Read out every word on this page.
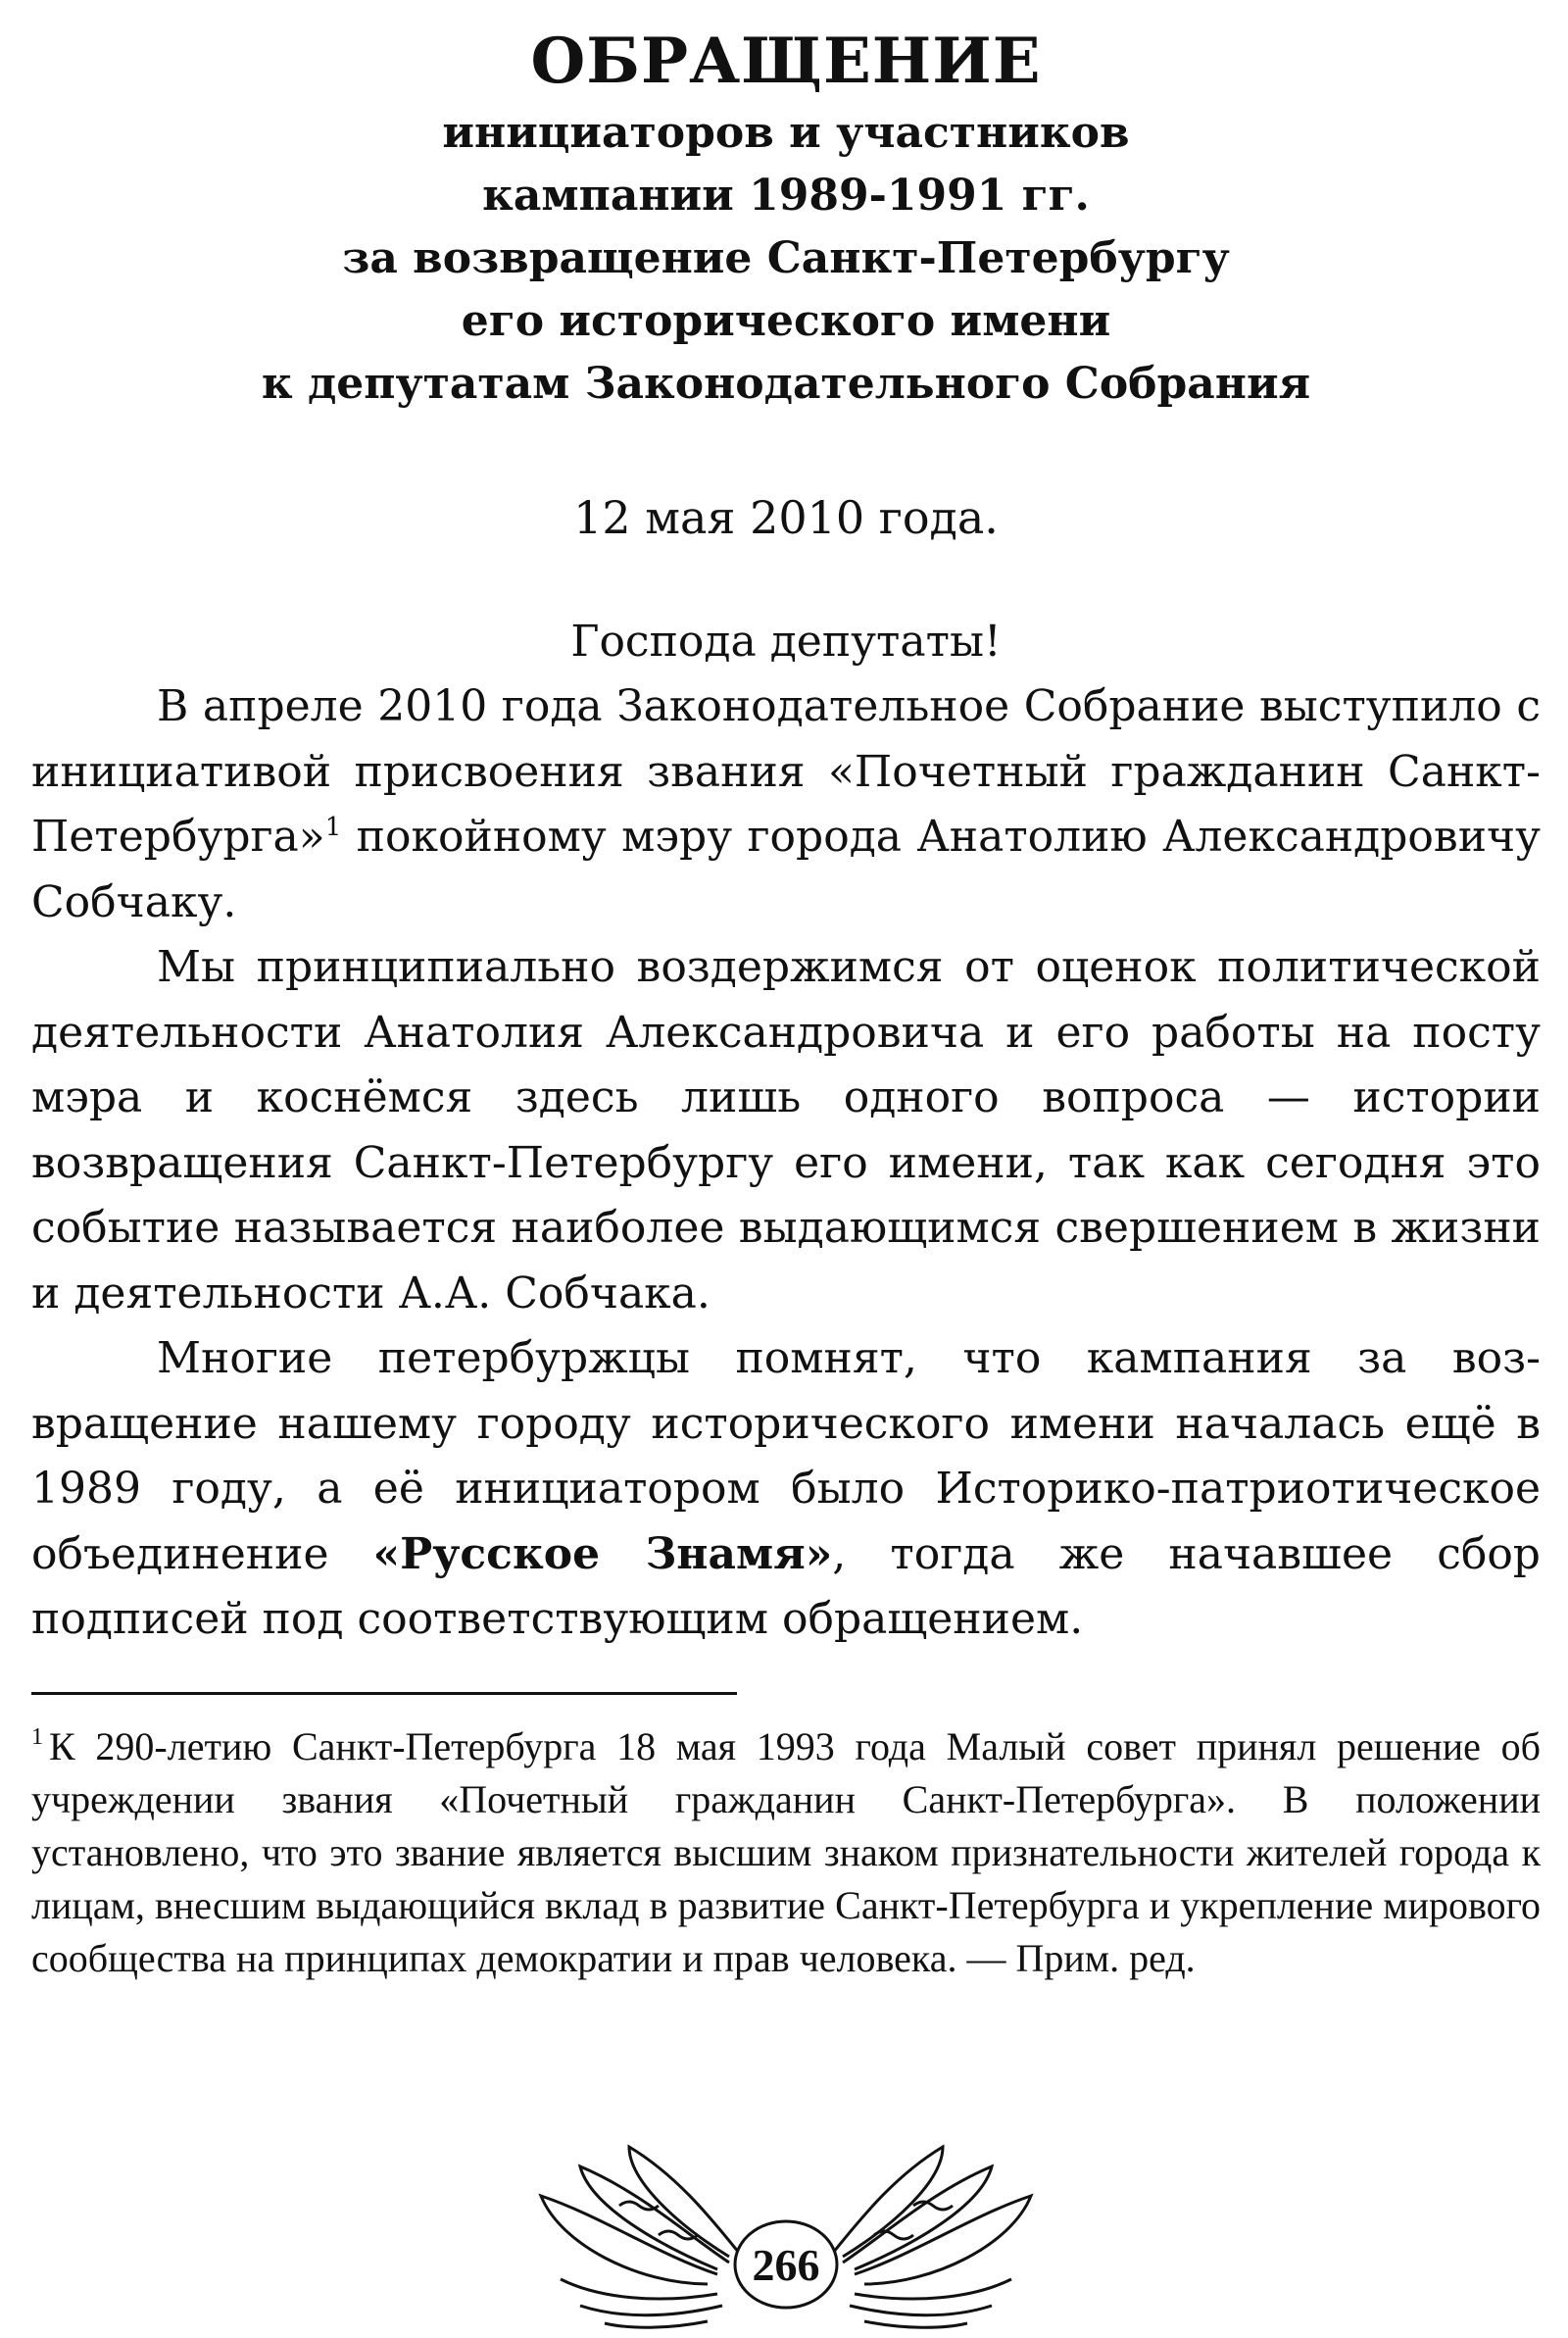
ОБРАЩЕНИЕ
инициаторов и участников
кампании 1989-1991 гг.
за возвращение Санкт-Петербургу
его исторического имени
к депутатам Законодательного Собрания
12 мая 2010 года.
Господа депутаты!

В апреле 2010 года Законодательное Собрание выступило с инициативой присвоения звания «Почетный гражданин Санкт-Петербурга»$^1$ покойному мэру города Анатолию Александровичу Собчаку.

Мы принципиально воздержимся от оценок политической деятельности Анатолия Александровича и его работы на посту мэра и коснёмся здесь лишь одного вопроса — истории возвращения Санкт-Петербургу его имени, так как сегодня это событие называется наиболее выдающимся свершением в жизни и деятельности А.А. Собчака.

Многие петербуржцы помнят, что кампания за возвращение нашему городу исторического имени началась ещё в 1989 году, а её инициатором было Историко-патриотическое объединение «Русское Знамя», тогда же начавшее сбор подписей под соответствующим обращением.

$^1$ К 290-летию Санкт-Петербурга 18 мая 1993 года Малый совет принял решение об учреждении звания «Почетный гражданин Санкт-Петербурга». В положении установлено, что это звание является высшим знаком признательности жителей города к лицам, внесшим выдающийся вклад в развитие Санкт-Петербурга и укрепление мирового сообщества на принципах демократии и прав человека. — Прим. ред.
266
